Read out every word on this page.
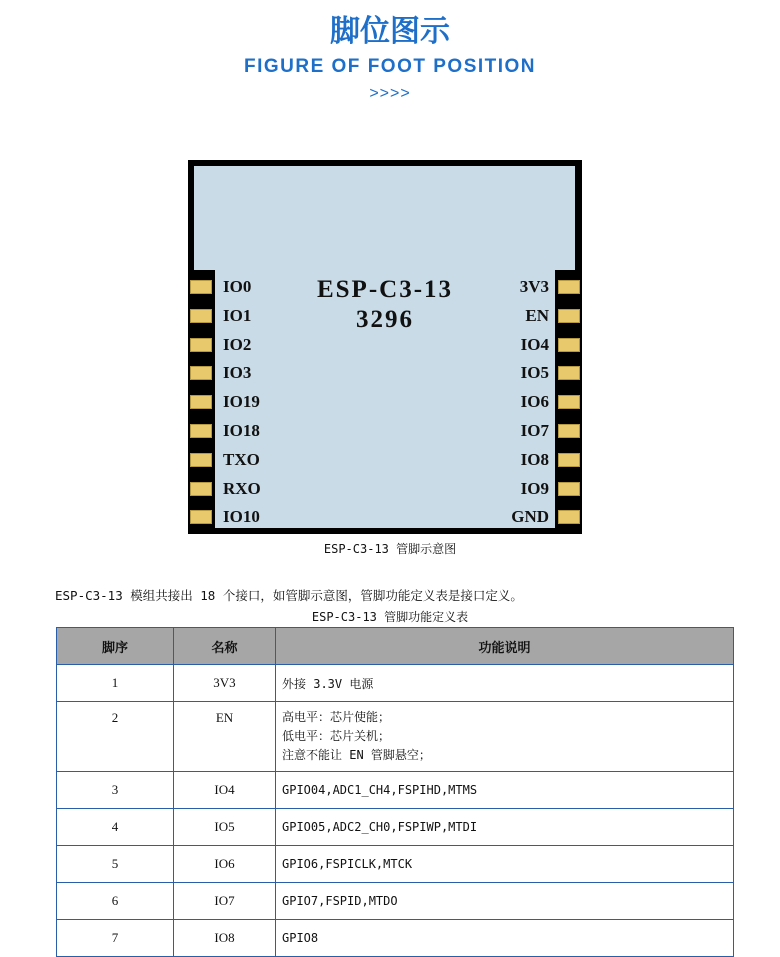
脚位图示
FIGURE OF FOOT POSITION
>>>>
ESP-C3-13
3296
IO0
IO1
IO2
IO3
IO19
IO18
TXO
RXO
IO10
3V3
EN
IO4
IO5
IO6
IO7
IO8
IO9
GND
ESP-C3-13 管脚示意图
ESP-C3-13 模组共接出 18 个接口，如管脚示意图，管脚功能定义表是接口定义。
ESP-C3-13 管脚功能定义表
脚序	名称	功能说明
1	3V3	外接 3.3V 电源

2	EN	高电平：芯片使能；
低电平：芯片关机；
注意不能让 EN 管脚悬空；

3	IO4	GPIO04,ADC1_CH4,FSPIHD,MTMS

4	IO5	GPIO05,ADC2_CH0,FSPIWP,MTDI

5	IO6	GPIO6,FSPICLK,MTCK

6	IO7	GPIO7,FSPID,MTDO

7	IO8	GPIO8
